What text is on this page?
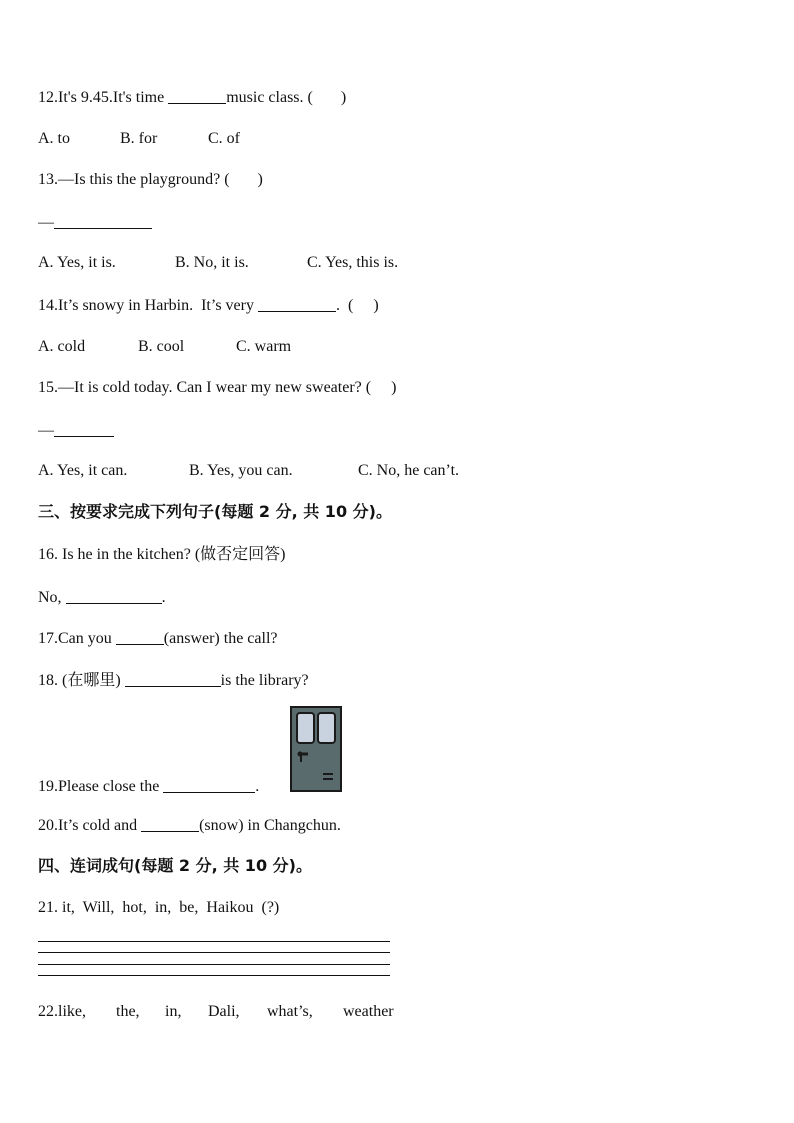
12.It's 9.45.It's time	music class. (       )
A. to	B. for	C. of
13.—Is this the playground? (       )
—
A. Yes, it is.	B. No, it is.	C. Yes, this is.
14.It’s snowy in Harbin.  It’s very	.  (     )
A. cold	B. cool	C. warm
15.—It is cold today. Can I wear my new sweater? (     )
—
A. Yes, it can.	B. Yes, you can.	C. No, he can’t.
三、按要求完成下列句子(每题 2 分, 共 10 分)。
16. Is he in the kitchen? (做否定回答)
No,	.
17.Can you	(answer) the call?
18. (在哪里)	is the library?
19.Please close the	.
20.It’s cold and	(snow) in Changchun.
四、连词成句(每题 2 分, 共 10 分)。
21. it,  Will,  hot,  in,  be,  Haikou  (?)
22.like, the, in, Dali, what’s, weather
